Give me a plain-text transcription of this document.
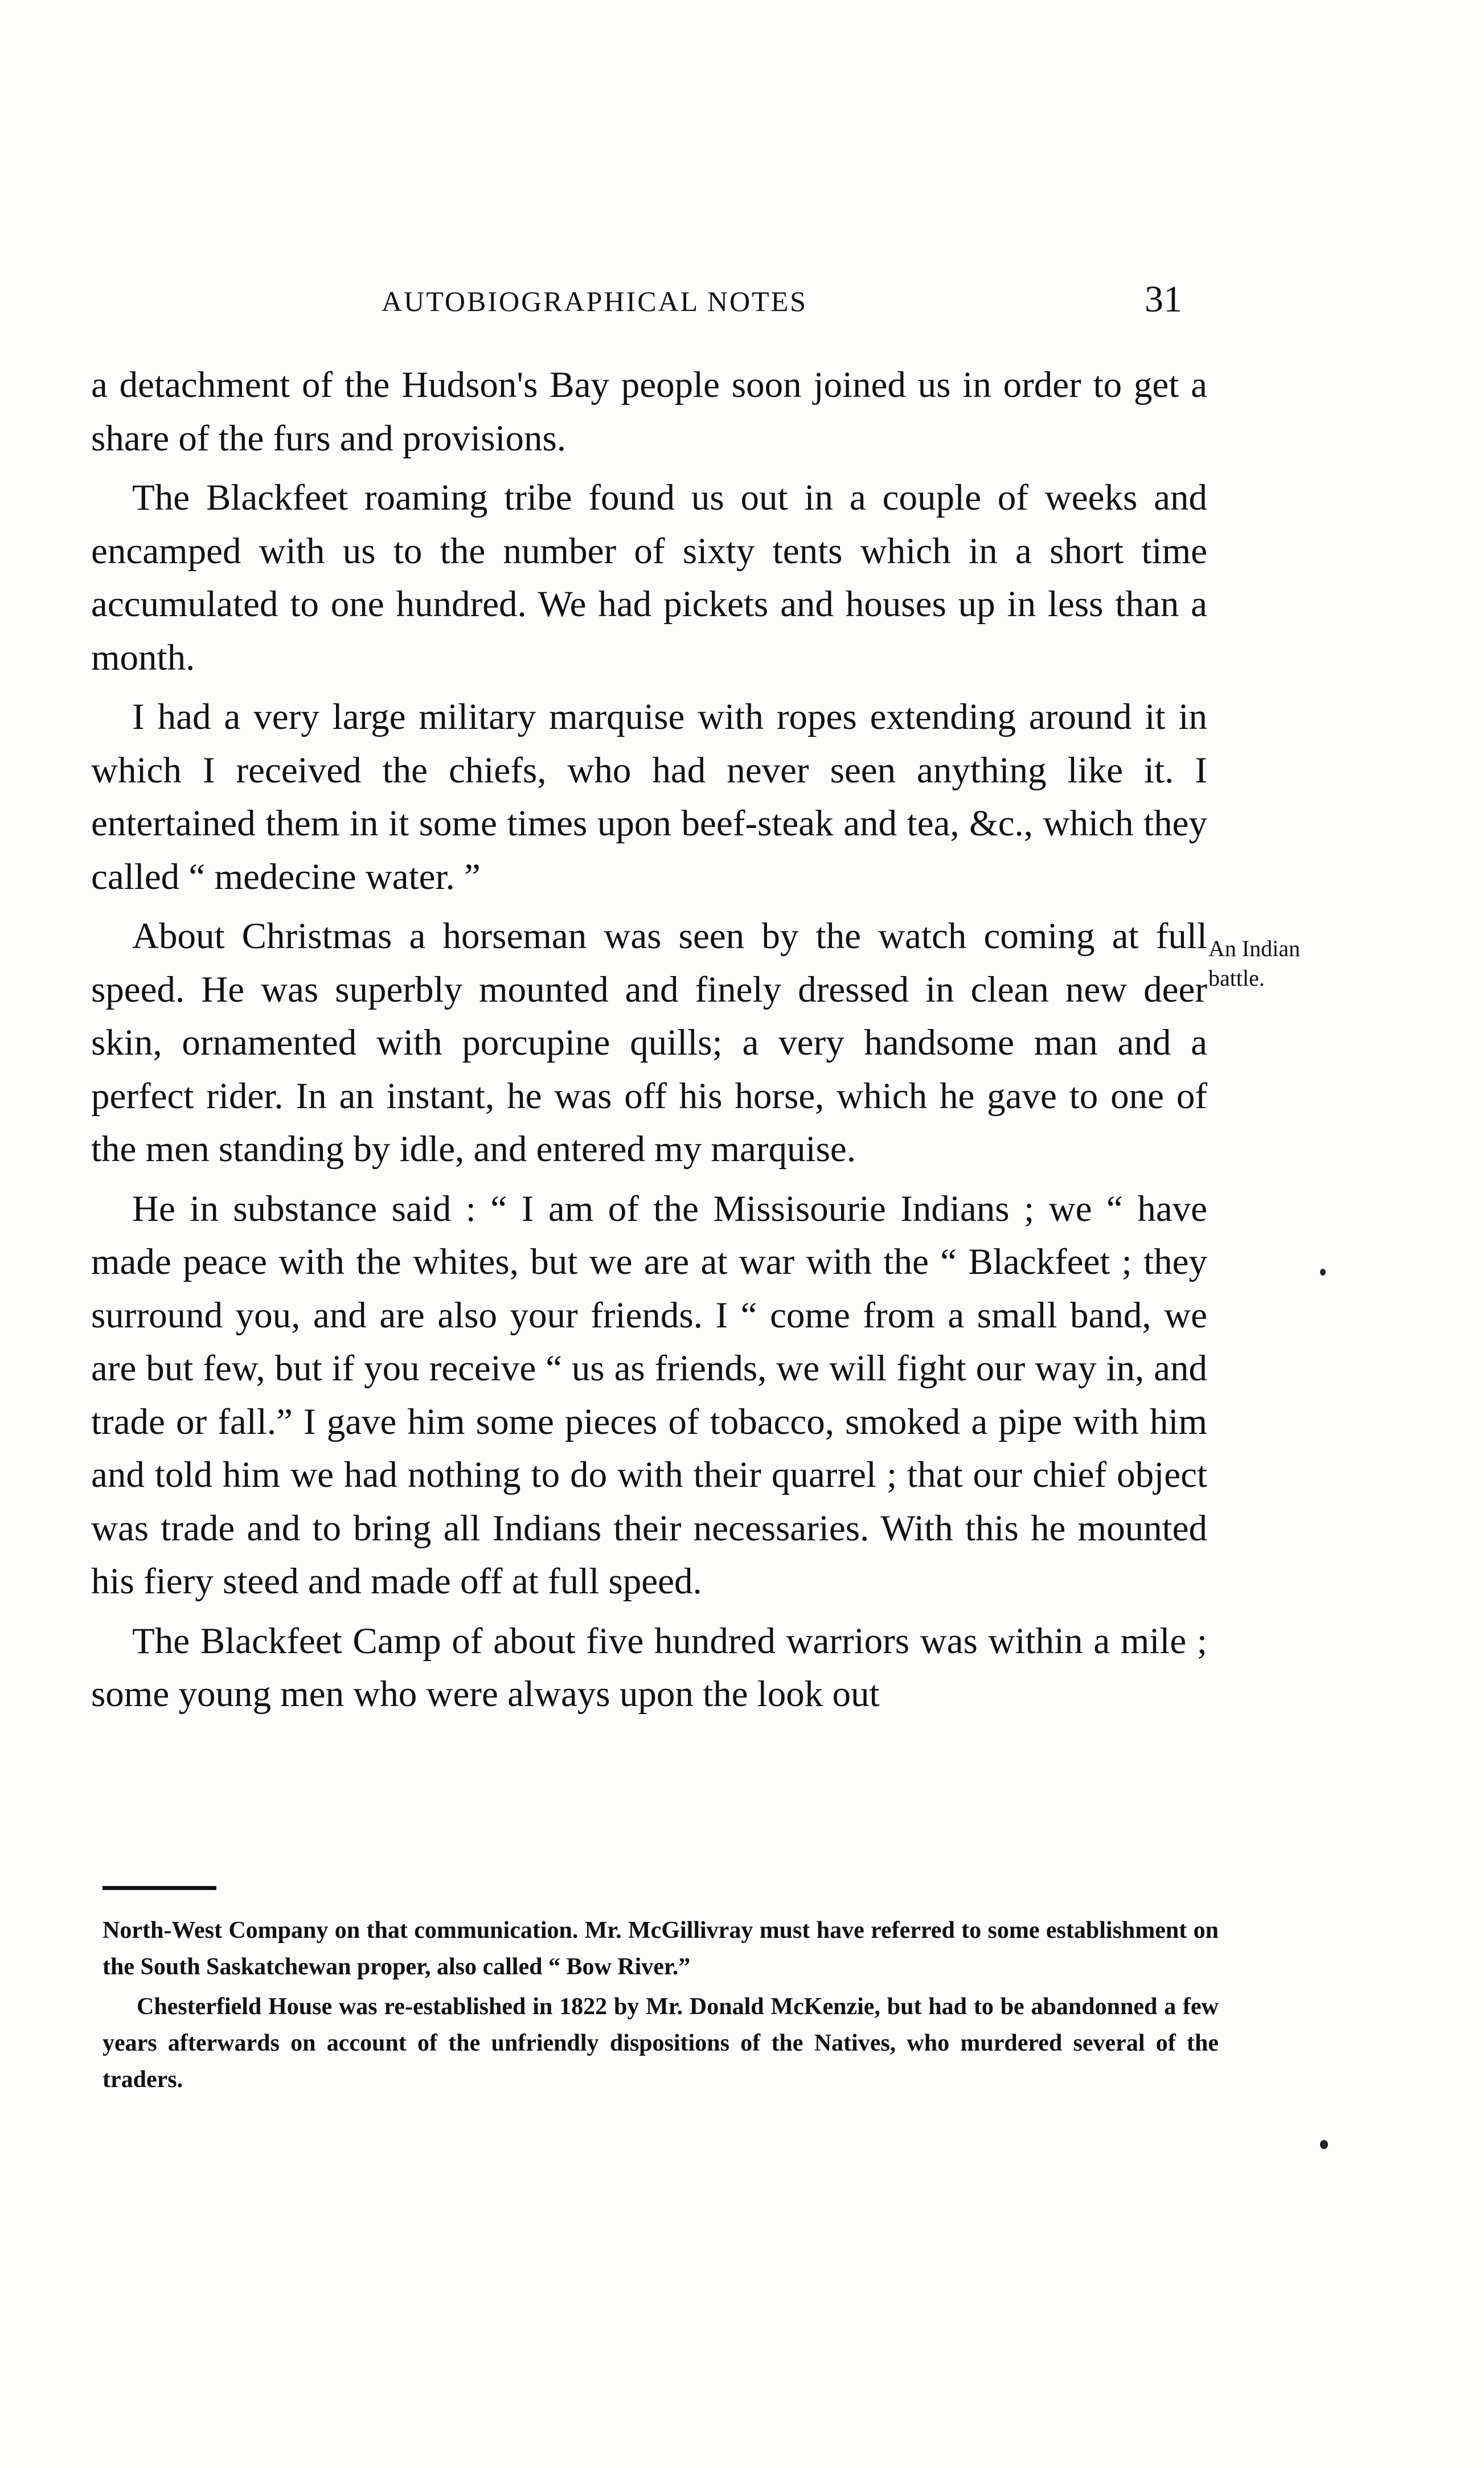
AUTOBIOGRAPHICAL NOTES	31

a detachment of the Hudson's Bay people soon joined us in order to get a share of the furs and provisions.

The Blackfeet roaming tribe found us out in a couple of weeks and encamped with us to the number of sixty tents which in a short time accumulated to one hundred. We had pickets and houses up in less than a month.

I had a very large military marquise with ropes extending around it in which I received the chiefs, who had never seen anything like it. I entertained them in it some times upon beef-steak and tea, &c., which they called “ medecine water. ”

About Christmas a horseman was seen by the watch coming at full speed. He was superbly mounted and finely dressed in clean new deer skin, ornamented with porcupine quills; a very handsome man and a perfect rider. In an instant, he was off his horse, which he gave to one of the men standing by idle, and entered my marquise.

He in substance said : “ I am of the Missisourie Indians ; we “ have made peace with the whites, but we are at war with the “ Blackfeet ; they surround you, and are also your friends. I “ come from a small band, we are but few, but if you receive “ us as friends, we will fight our way in, and trade or fall.” I gave him some pieces of tobacco, smoked a pipe with him and told him we had nothing to do with their quarrel ; that our chief object was trade and to bring all Indians their necessaries. With this he mounted his fiery steed and made off at full speed.

The Blackfeet Camp of about five hundred warriors was within a mile ; some young men who were always upon the look out

An Indian
battle.

North-West Company on that communication. Mr. McGillivray must have referred to some establishment on the South Saskatchewan proper, also called “ Bow River.”

Chesterfield House was re-established in 1822 by Mr. Donald McKenzie, but had to be abandonned a few years afterwards on account of the unfriendly dispositions of the Natives, who murdered several of the traders.
